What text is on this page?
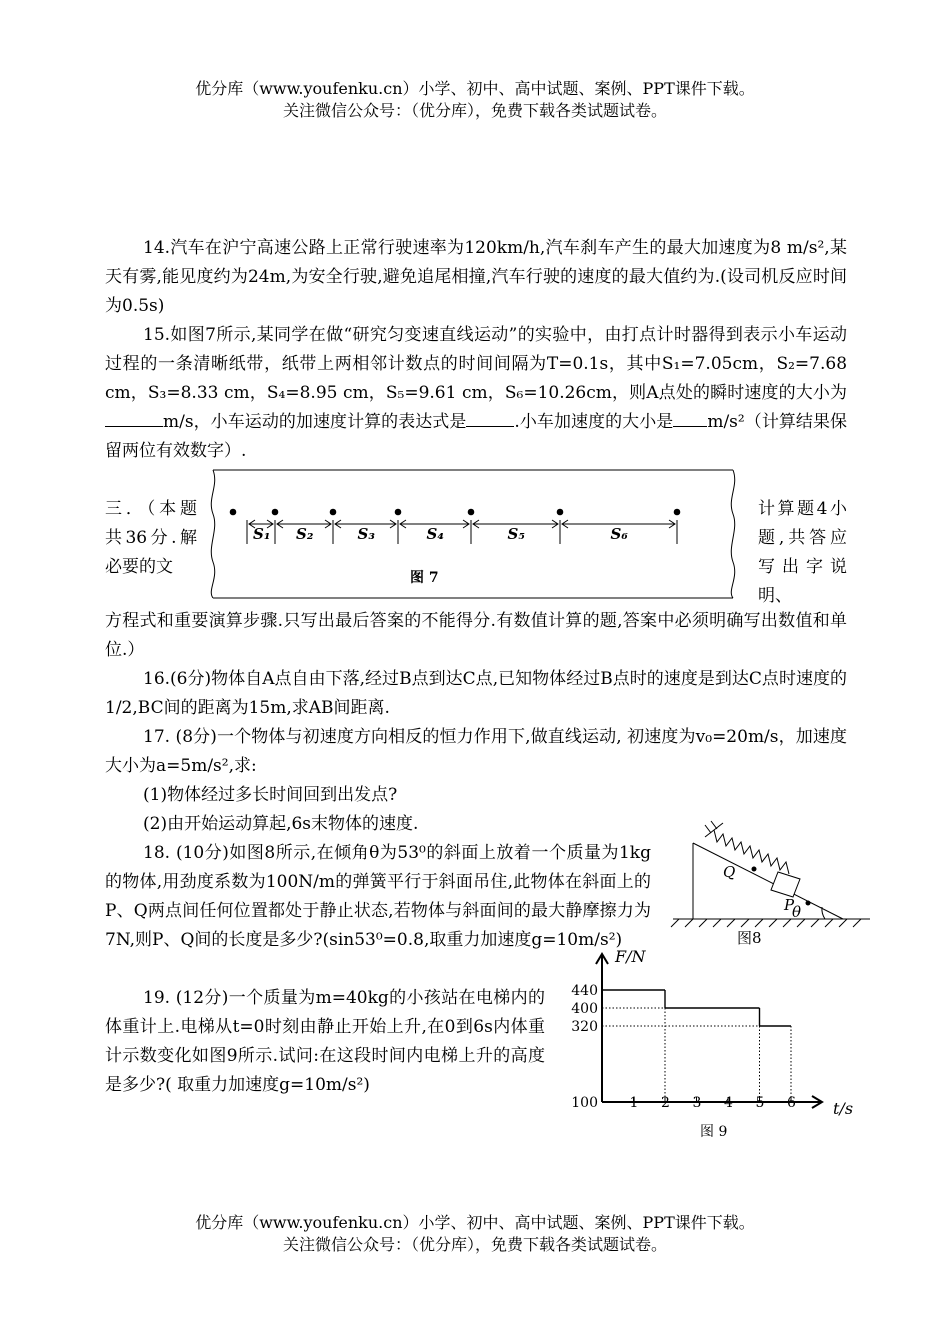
优分库（www.youfenku.cn）小学、初中、高中试题、案例、PPT课件下载。
关注微信公众号：（优分库），免费下载各类试题试卷。
14.汽车在沪宁高速公路上正常行驶速率为120km/h,汽车刹车产生的最大加速度为8 m/s²,某天有雾,能见度约为24m,为安全行驶,避免追尾相撞,汽车行驶的速度的最大值约为.(设司机反应时间为0.5s)
15.如图7所示,某同学在做“研究匀变速直线运动”的实验中，由打点计时器得到表示小车运动过程的一条清晰纸带，纸带上两相邻计数点的时间间隔为T=0.1s，其中S₁=7.05cm，S₂=7.68 cm，S₃=8.33 cm，S₄=8.95 cm，S₅=9.61 cm，S₆=10.26cm，则A点处的瞬时速度的大小为m/s，小车运动的加速度计算的表达式是	.小车加速度的大小是 m/s²（计算结果保留两位有效数字）.
三．（本题共36分.解必要的文
计算题4小题,共答应写出字说明、
方程式和重要演算步骤.只写出最后答案的不能得分.有数值计算的题,答案中必须明确写出数值和单位.）
S₁ S₂	S₃	S₄	S₅	S₆
图 7
16.(6分)物体自A点自由下落,经过B点到达C点,已知物体经过B点时的速度是到达C点时速度的1/2,BC间的距离为15m,求AB间距离.
17. (8分)一个物体与初速度方向相反的恒力作用下,做直线运动, 初速度为v₀=20m/s，加速度大小为a=5m/s²,求:
(1)物体经过多长时间回到出发点?
(2)由开始运动算起,6s末物体的速度.
18. (10分)如图8所示,在倾角θ为53⁰的斜面上放着一个质量为1kg的物体,用劲度系数为100N/m的弹簧平行于斜面吊住,此物体在斜面上的P、Q两点间任何位置都处于静止状态,若物体与斜面间的最大静摩擦力为7N,则P、Q间的长度是多少?(sin53⁰=0.8,取重力加速度g=10m/s²)
Q
P
θ
图8
19. (12分)一个质量为m=40kg的小孩站在电梯内的体重计上.电梯从t=0时刻由静止开始上升,在0到6s内体重计示数变化如图9所示.试问:在这段时间内电梯上升的高度是多少?( 取重力加速度g=10m/s²)
F/N
t/s
100
320
400
440
1 2 3 4 5 6
图 9
优分库（www.youfenku.cn）小学、初中、高中试题、案例、PPT课件下载。
关注微信公众号：（优分库），免费下载各类试题试卷。
